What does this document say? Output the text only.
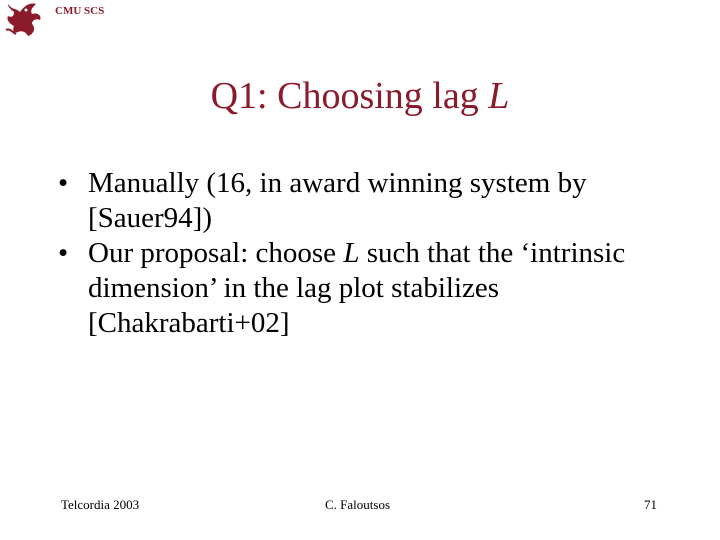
CMU SCS
Q1: Choosing lag L
• Manually (16, in award winning system by [Sauer94])
• Our proposal: choose L such that the ‘intrinsic dimension’ in the lag plot stabilizes [Chakrabarti+02]
Telcordia 2003	C. Faloutsos	71
